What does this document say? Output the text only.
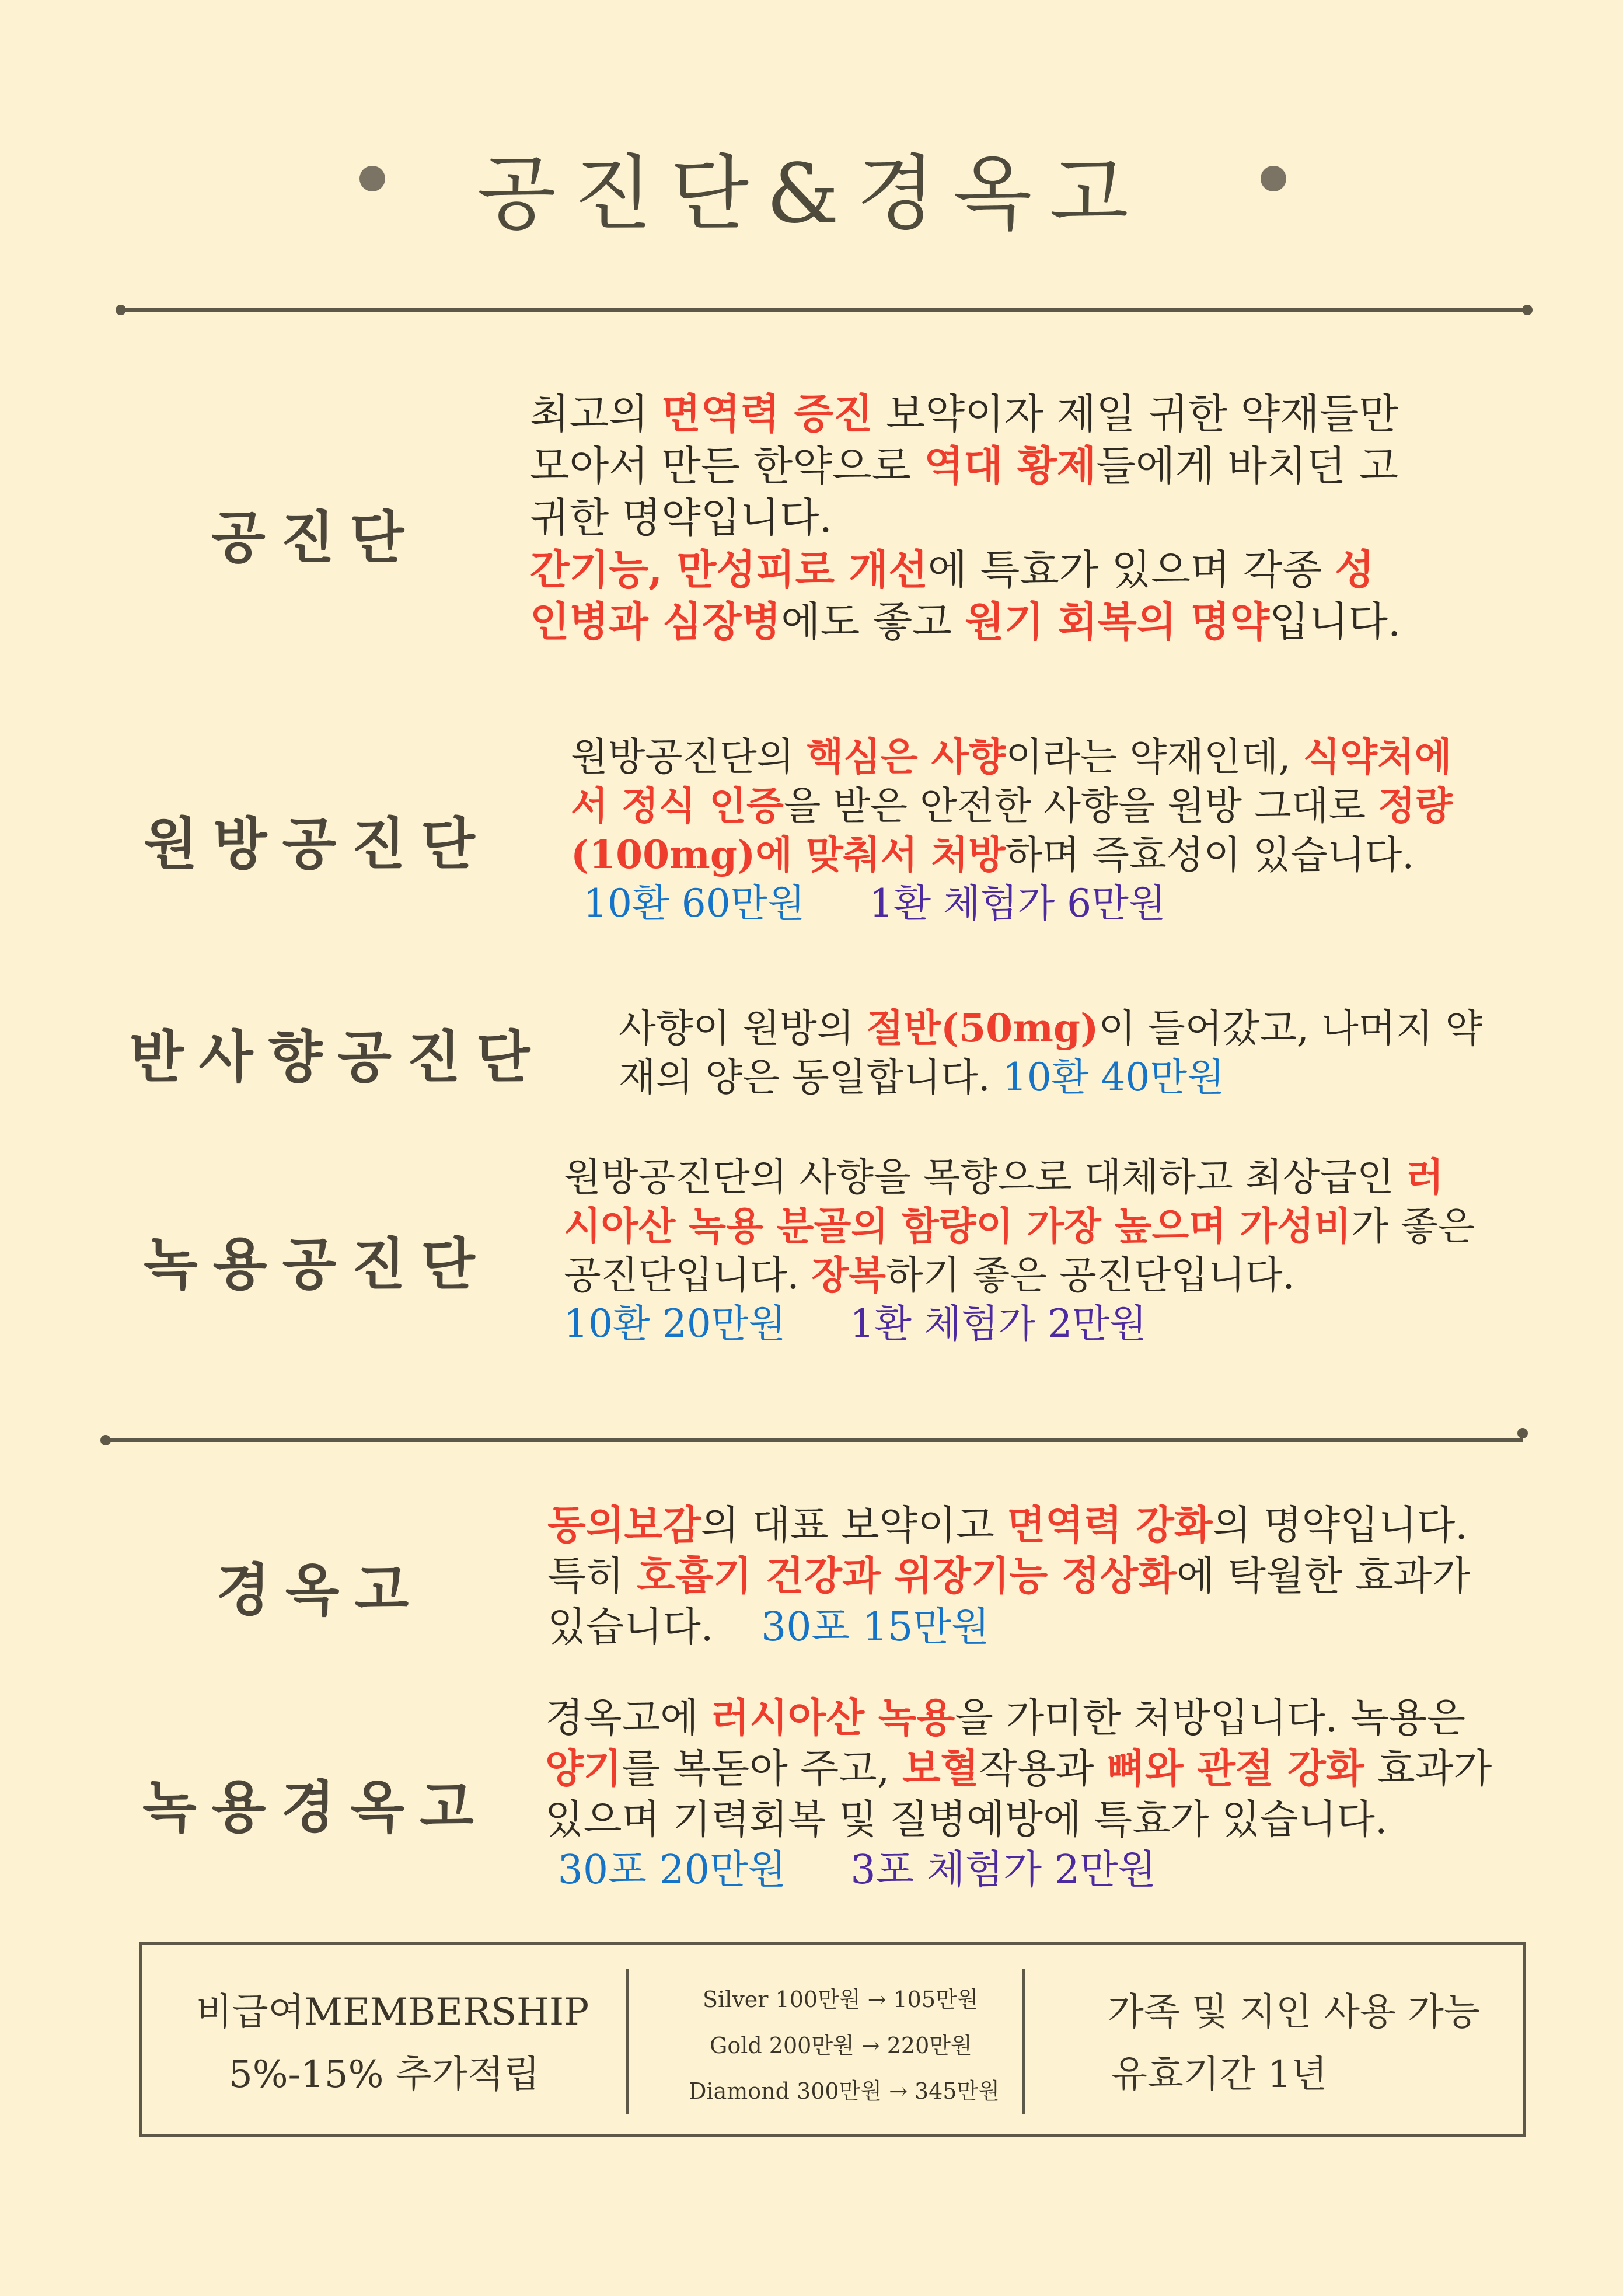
공진단&경옥고
공진단
최고의 면역력 증진 보약이자 제일 귀한 약재들만
모아서 만든 한약으로 역대 황제들에게 바치던 고
귀한 명약입니다.
간기능, 만성피로 개선에 특효가 있으며 각종 성
인병과 심장병에도 좋고 원기 회복의 명약입니다.
원방공진단
원방공진단의 핵심은 사향이라는 약재인데, 식약처에
서 정식 인증을 받은 안전한 사향을 원방 그대로 정량
(100mg)에 맞춰서 처방하며 즉효성이 있습니다.
10환 60만원 1환 체험가 6만원
반사향공진단 사향이 원방의 절반(50mg)이 들어갔고, 나머지 약
재의 양은 동일합니다. 10환 40만원
녹용공진단
원방공진단의 사향을 목향으로 대체하고 최상급인 러
시아산 녹용 분골의 함량이 가장 높으며 가성비가 좋은
공진단입니다. 장복하기 좋은 공진단입니다.
10환 20만원 1환 체험가 2만원
경옥고
동의보감의 대표 보약이고 면역력 강화의 명약입니다.
특히 호흡기 건강과 위장기능 정상화에 탁월한 효과가
있습니다. 30포 15만원
녹용경옥고
경옥고에 러시아산 녹용을 가미한 처방입니다. 녹용은
양기를 복돋아 주고, 보혈작용과 뼈와 관절 강화 효과가
있으며 기력회복 및 질병예방에 특효가 있습니다.
30포 20만원 3포 체험가 2만원
비급여MEMBERSHIP
5%-15% 추가적립
Silver 100만원 → 105만원
Gold 200만원 → 220만원
Diamond 300만원 → 345만원
가족 및 지인 사용 가능
유효기간 1년
